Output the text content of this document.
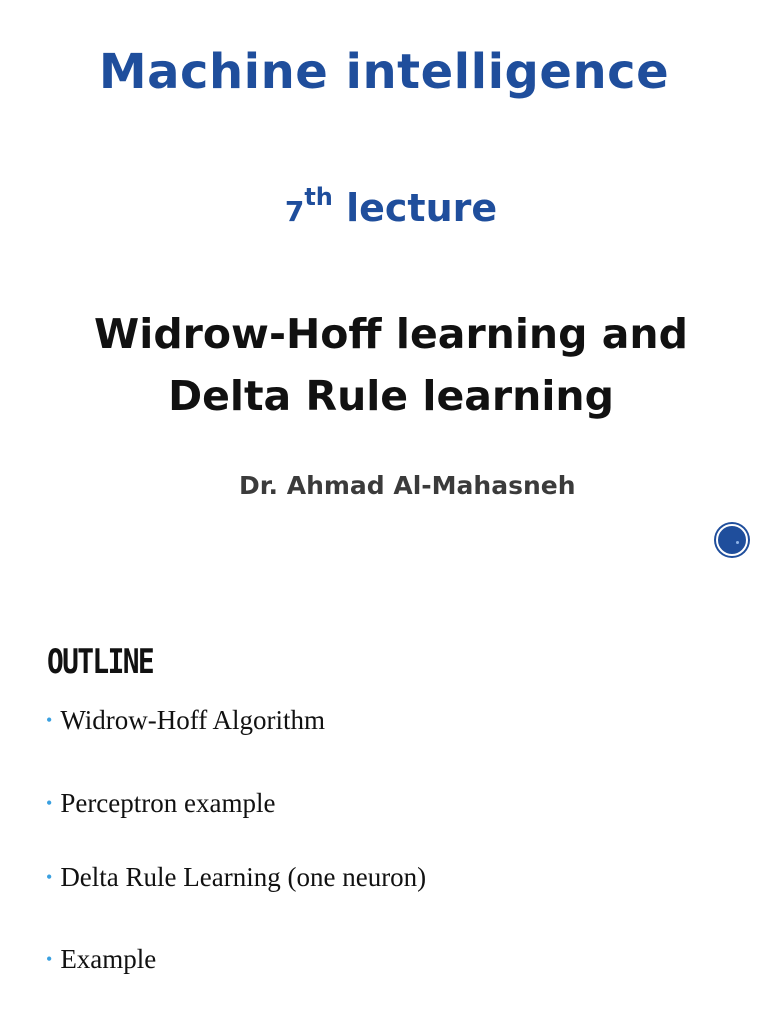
Machine intelligence
7th lecture
Widrow-Hoff learning and
Delta Rule learning
Dr. Ahmad Al-Mahasneh
OUTLINE
• Widrow-Hoff Algorithm
• Perceptron example
• Delta Rule Learning (one neuron)
• Example
